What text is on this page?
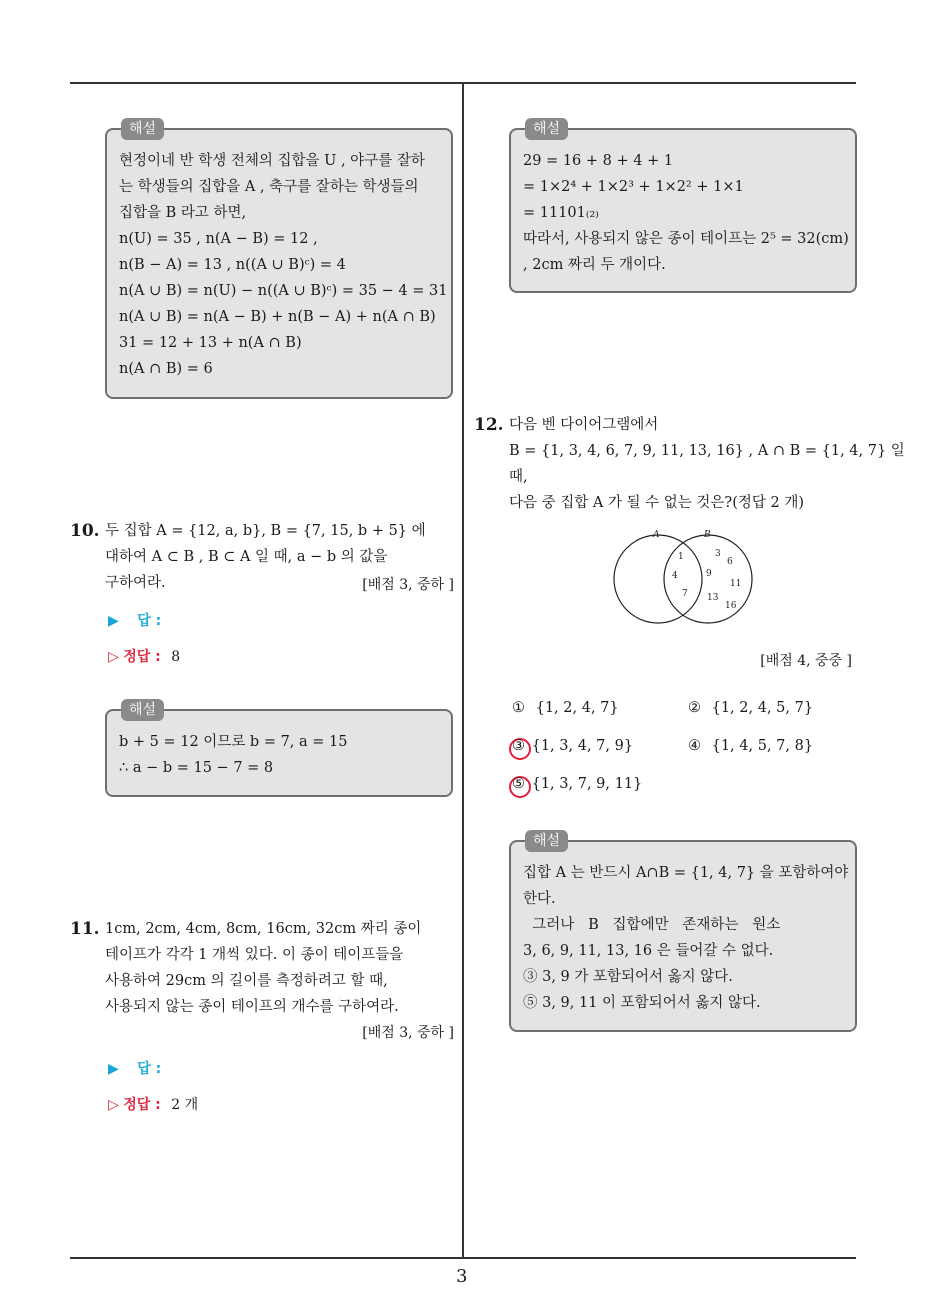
해설
현정이네 반 학생 전체의 집합을 U , 야구를 잘하
는 학생들의 집합을 A , 축구를 잘하는 학생들의
집합을 B 라고 하면,
n(U) = 35 , n(A − B) = 12 ,
n(B − A) = 13 , n((A ∪ B)ᶜ) = 4
n(A ∪ B) = n(U) − n((A ∪ B)ᶜ) = 35 − 4 = 31
n(A ∪ B) = n(A − B) + n(B − A) + n(A ∩ B)
31 = 12 + 13 + n(A ∩ B)
n(A ∩ B) = 6
10. 두 집합 A = {12, a, b}, B = {7, 15, b + 5} 에
대하여 A ⊂ B , B ⊂ A 일 때, a − b 의 값을
구하여라.	[배점 3, 중하 ]
▶ 답 :
▷ 정답 : 8
해설
b + 5 = 12 이므로 b = 7, a = 15
∴ a − b = 15 − 7 = 8
11. 1cm, 2cm, 4cm, 8cm, 16cm, 32cm 짜리 종이
테이프가 각각 1 개씩 있다. 이 종이 테이프들을
사용하여 29cm 의 길이를 측정하려고 할 때,
사용되지 않는 종이 테이프의 개수를 구하여라.
[배점 3, 중하 ]
▶ 답 :
▷ 정답 : 2 개
해설
29 = 16 + 8 + 4 + 1
= 1×2⁴ + 1×2³ + 1×2² + 1×1
= 11101₍₂₎
따라서, 사용되지 않은 종이 테이프는 2⁵ = 32(cm)
, 2cm 짜리 두 개이다.
12. 다음 벤 다이어그램에서
B = {1, 3, 4, 6, 7, 9, 11, 13, 16} , A ∩ B = {1, 4, 7} 일
때,
다음 중 집합 A 가 될 수 없는 것은?(정답 2 개)
A	B
1
4
7
3
6
9
11
13
16
[배점 4, 중중 ]
① {1, 2, 4, 7}	② {1, 2, 4, 5, 7}
③ {1, 3, 4, 7, 9}	④ {1, 4, 5, 7, 8}
⑤ {1, 3, 7, 9, 11}
해설
집합 A 는 반드시 A∩B = {1, 4, 7} 을 포함하여야
한다.
그러나   B   집합에만   존재하는   원소
3, 6, 9, 11, 13, 16 은 들어갈 수 없다.
③ 3, 9 가 포함되어서 옳지 않다.
⑤ 3, 9, 11 이 포함되어서 옳지 않다.
3
